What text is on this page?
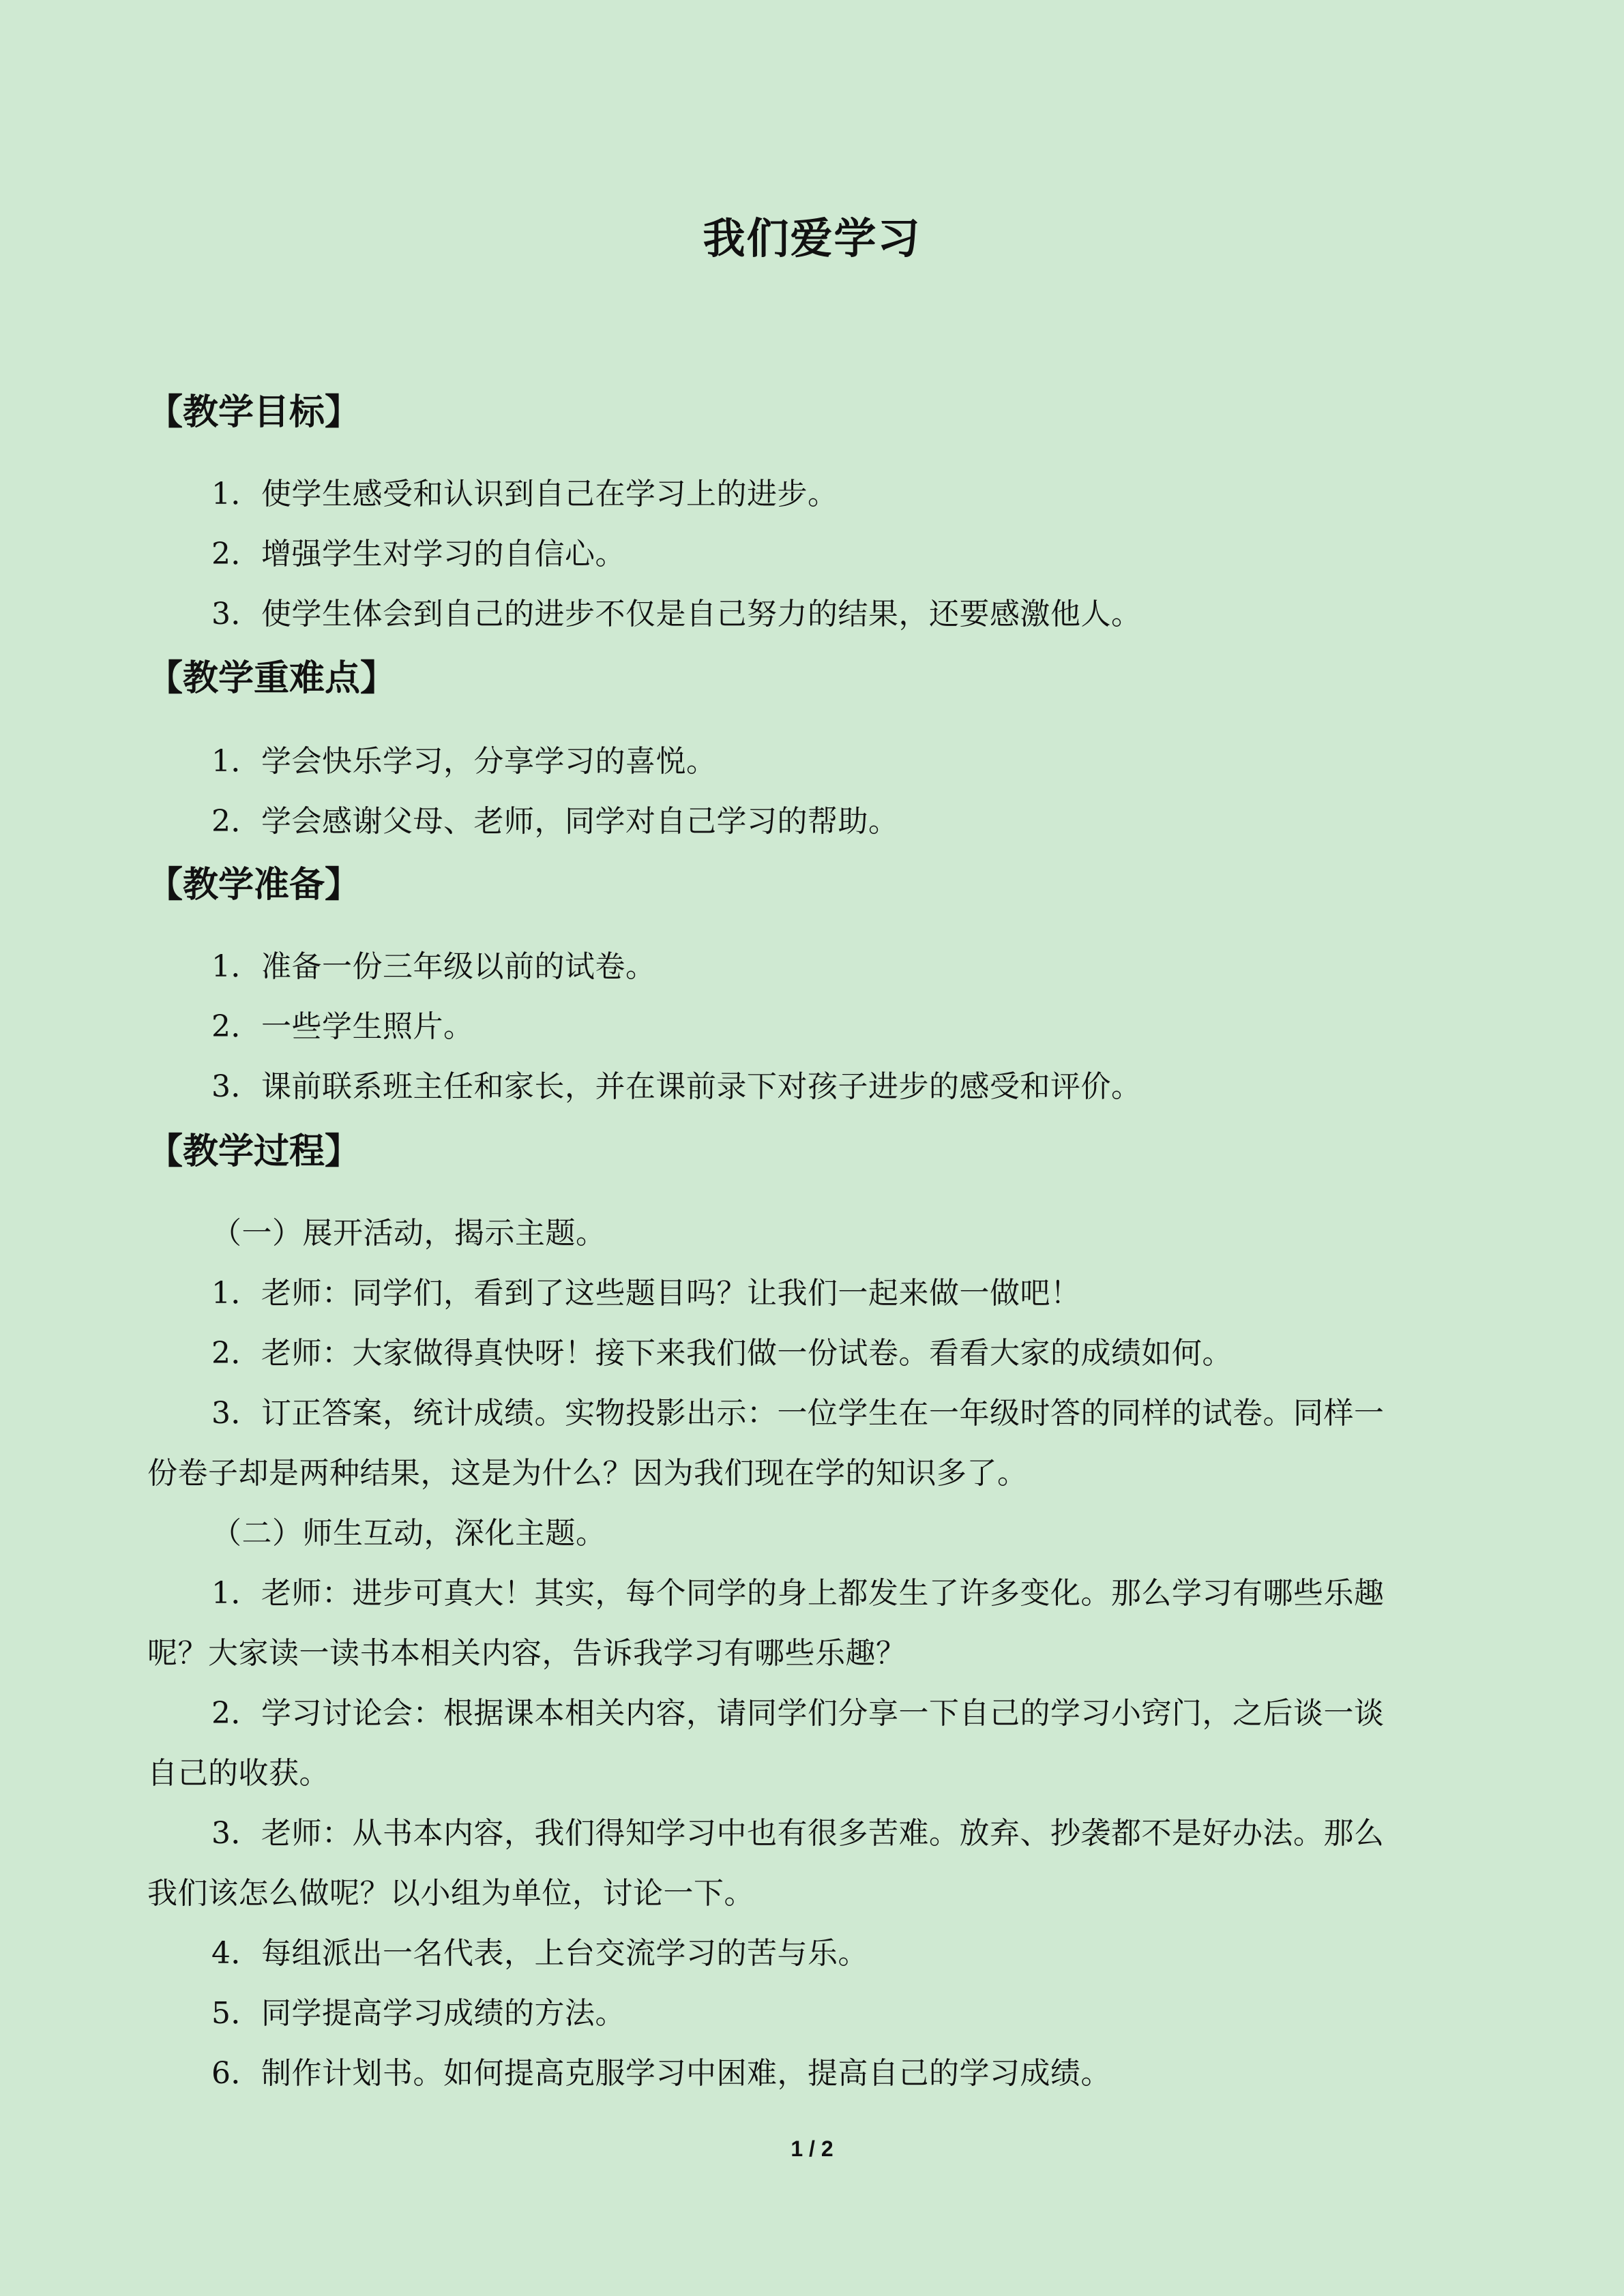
我们爱学习
【教学目标】
1．使学生感受和认识到自己在学习上的进步。
2．增强学生对学习的自信心。
3．使学生体会到自己的进步不仅是自己努力的结果，还要感激他人。
【教学重难点】
1．学会快乐学习，分享学习的喜悦。
2．学会感谢父母、老师，同学对自己学习的帮助。
【教学准备】
1．准备一份三年级以前的试卷。
2．一些学生照片。
3．课前联系班主任和家长，并在课前录下对孩子进步的感受和评价。
【教学过程】
（一）展开活动，揭示主题。
1．老师：同学们，看到了这些题目吗？让我们一起来做一做吧！
2．老师：大家做得真快呀！接下来我们做一份试卷。看看大家的成绩如何。
3．订正答案，统计成绩。实物投影出示：一位学生在一年级时答的同样的试卷。同样一
份卷子却是两种结果，这是为什么？因为我们现在学的知识多了。
（二）师生互动，深化主题。
1．老师：进步可真大！其实，每个同学的身上都发生了许多变化。那么学习有哪些乐趣
呢？大家读一读书本相关内容，告诉我学习有哪些乐趣？
2．学习讨论会：根据课本相关内容，请同学们分享一下自己的学习小窍门，之后谈一谈
自己的收获。
3．老师：从书本内容，我们得知学习中也有很多苦难。放弃、抄袭都不是好办法。那么
我们该怎么做呢？以小组为单位，讨论一下。
4．每组派出一名代表，上台交流学习的苦与乐。
5．同学提高学习成绩的方法。
6．制作计划书。如何提高克服学习中困难，提高自己的学习成绩。
1 / 2
